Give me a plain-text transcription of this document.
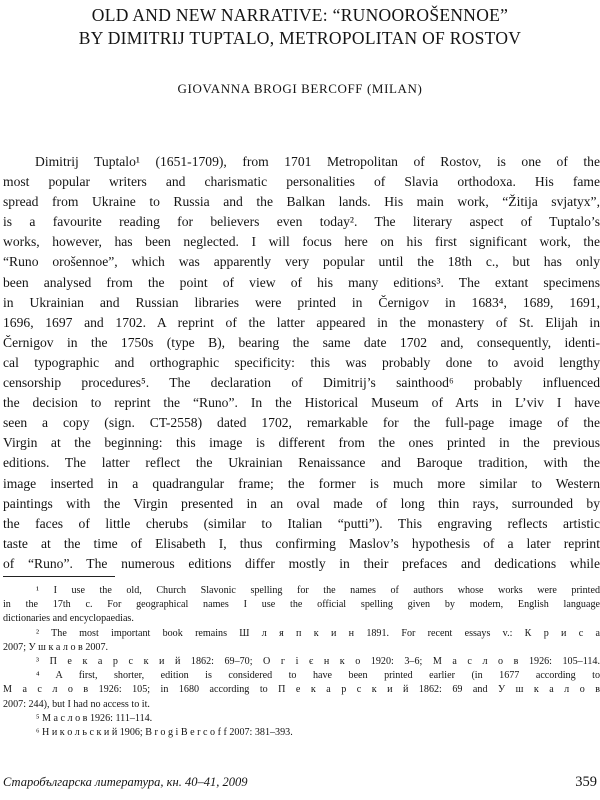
OLD AND NEW NARRATIVE: “RUNOOROŠENNOE”
BY DIMITRIJ TUPTALO, METROPOLITAN OF ROSTOV
GIOVANNA BROGI BERCOFF (MILAN)
Dimitrij Tuptalo¹ (1651-1709), from 1701 Metropolitan of Rostov, is one of the
most popular writers and charismatic personalities of Slavia orthodoxa. His fame
spread from Ukraine to Russia and the Balkan lands. His main work, “Žitija svjatyx”,
is a favourite reading for believers even today². The literary aspect of Tuptalo’s
works, however, has been neglected. I will focus here on his first significant work, the
“Runo orošennoe”, which was apparently very popular until the 18th c., but has only
been analysed from the point of view of his many editions³. The extant specimens
in Ukrainian and Russian libraries were printed in Černigov in 1683⁴, 1689, 1691,
1696, 1697 and 1702. A reprint of the latter appeared in the monastery of St. Elijah in
Černigov in the 1750s (type B), bearing the same date 1702 and, consequently, identi-
cal typographic and orthographic specificity: this was probably done to avoid lengthy
censorship procedures⁵. The declaration of Dimitrij’s sainthood⁶ probably influenced
the decision to reprint the “Runo”. In the Historical Museum of Arts in L’viv I have
seen a copy (sign. CT-2558) dated 1702, remarkable for the full-page image of the
Virgin at the beginning: this image is different from the ones printed in the previous
editions. The latter reflect the Ukrainian Renaissance and Baroque tradition, with the
image inserted in a quadrangular frame; the former is much more similar to Western
paintings with the Virgin presented in an oval made of long thin rays, surrounded by
the faces of little cherubs (similar to Italian “putti”). This engraving reflects artistic
taste at the time of Elisabeth I, thus confirming Maslov’s hypothesis of a later reprint
of “Runo”. The numerous editions differ mostly in their prefaces and dedications while
¹ I use the old, Church Slavonic spelling for the names of authors whose works were printed
in the 17th c. For geographical names I use the official spelling given by modern, English language
dictionaries and encyclopaedias.
² The most important book remains Ш л я п к и н 1891. For recent essays v.: К р и с а
2007; У ш к а л о в 2007.
³ П е к а р с к и й 1862: 69–70; О г і є н к о 1920: 3–6; М а с л о в 1926: 105–114.
⁴ A first, shorter, edition is considered to have been printed earlier (in 1677 according to
М а с л о в 1926: 105; in 1680 according to П е к а р с к и й 1862: 69 and У ш к а л о в
2007: 244), but I had no access to it.
⁵ М а с л о в 1926: 111–114.
⁶ Н и к о л ь с к и й 1906; B r o g i B e r c o f f 2007: 381–393.
Старобългарска литература, кн. 40–41, 2009	359
